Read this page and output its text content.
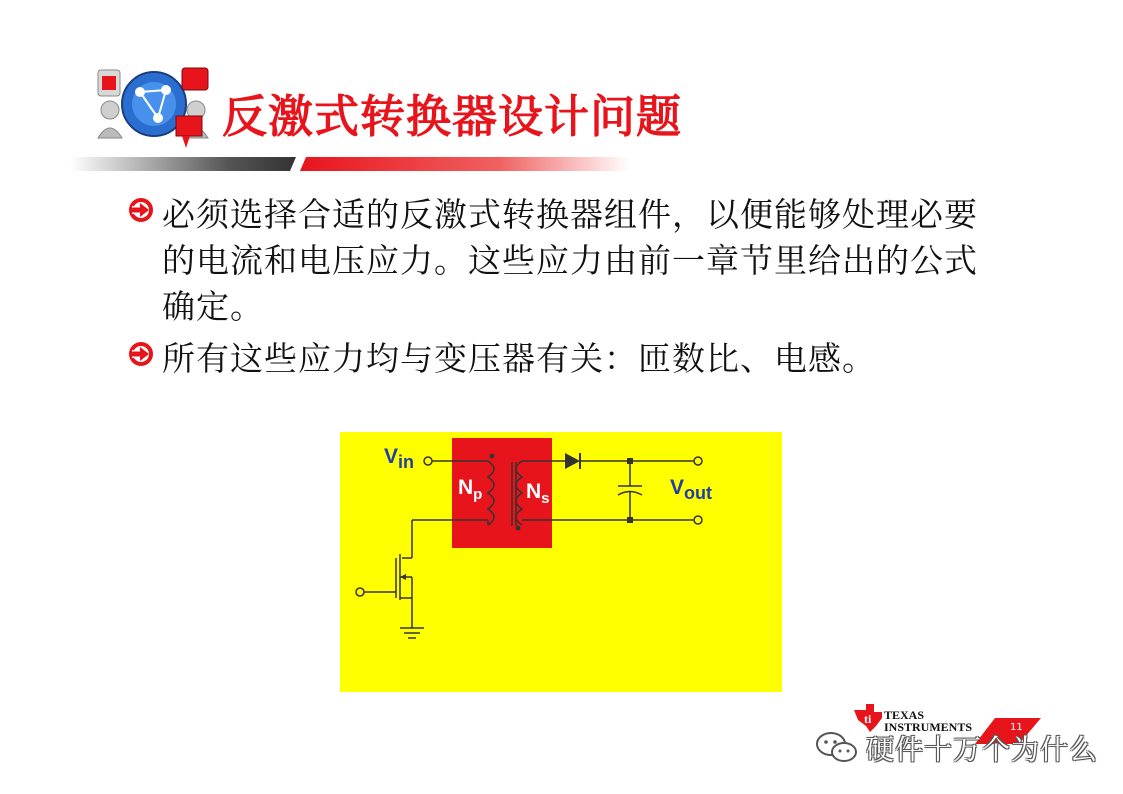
反激式转换器设计问题
必须选择合适的反激式转换器组件，以便能够处理必要的电流和电压应力。这些应力由前一章节里给出的公式确定。
所有这些应力均与变压器有关：匝数比、电感。
Vin
Vout
$N_p$ $N_s$
ti TEXAS
INSTRUMENTS	11
硬件十万个为什么
